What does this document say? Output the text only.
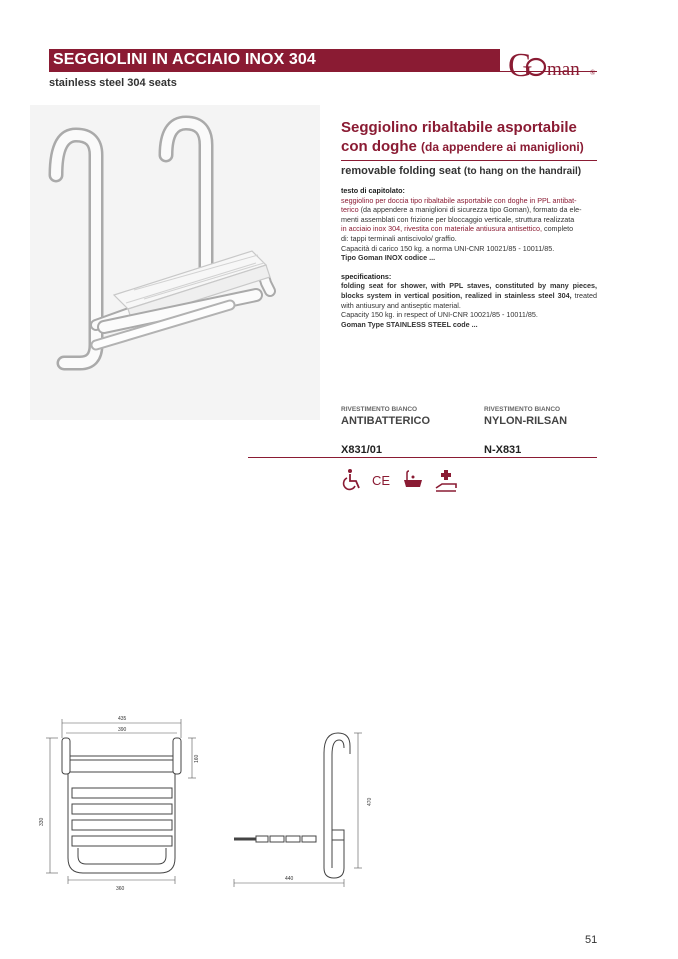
SEGGIOLINI IN ACCIAIO INOX 304
stainless steel 304 seats	G man ®
Seggiolino ribaltabile asportabile
con doghe (da appendere ai maniglioni)
removable folding seat (to hang on the handrail)

testo di capitolato:

seggiolino per doccia tipo ribaltabile asportabile con doghe in PPL antibat-

terico (da appendere a maniglioni di sicurezza tipo Goman), formato da ele-

menti assemblati con frizione per bloccaggio verticale, struttura realizzata

in acciaio inox 304, rivestita con materiale antiusura antisettico, completo

di: tappi terminali antiscivolo/ graffio.

Capacità di carico 150 kg. a norma UNI-CNR 10021/85 - 10011/85.

Tipo Goman INOX codice ...

specifications:

folding seat for shower, with PPL staves, constituted by many pieces, blocks system in vertical position, realized in stainless steel 304, treated with antiusury and antiseptic material.

Capacity 150 kg. in respect of UNI-CNR 10021/85 - 10011/85.

Goman Type STAINLESS STEEL code ...

RIVESTIMENTO BIANCO
ANTIBATTERICO
RIVESTIMENTO BIANCO
NYLON-RILSAN
X831/01	N-X831
CE
435
390
330
160
360
470
440
51
